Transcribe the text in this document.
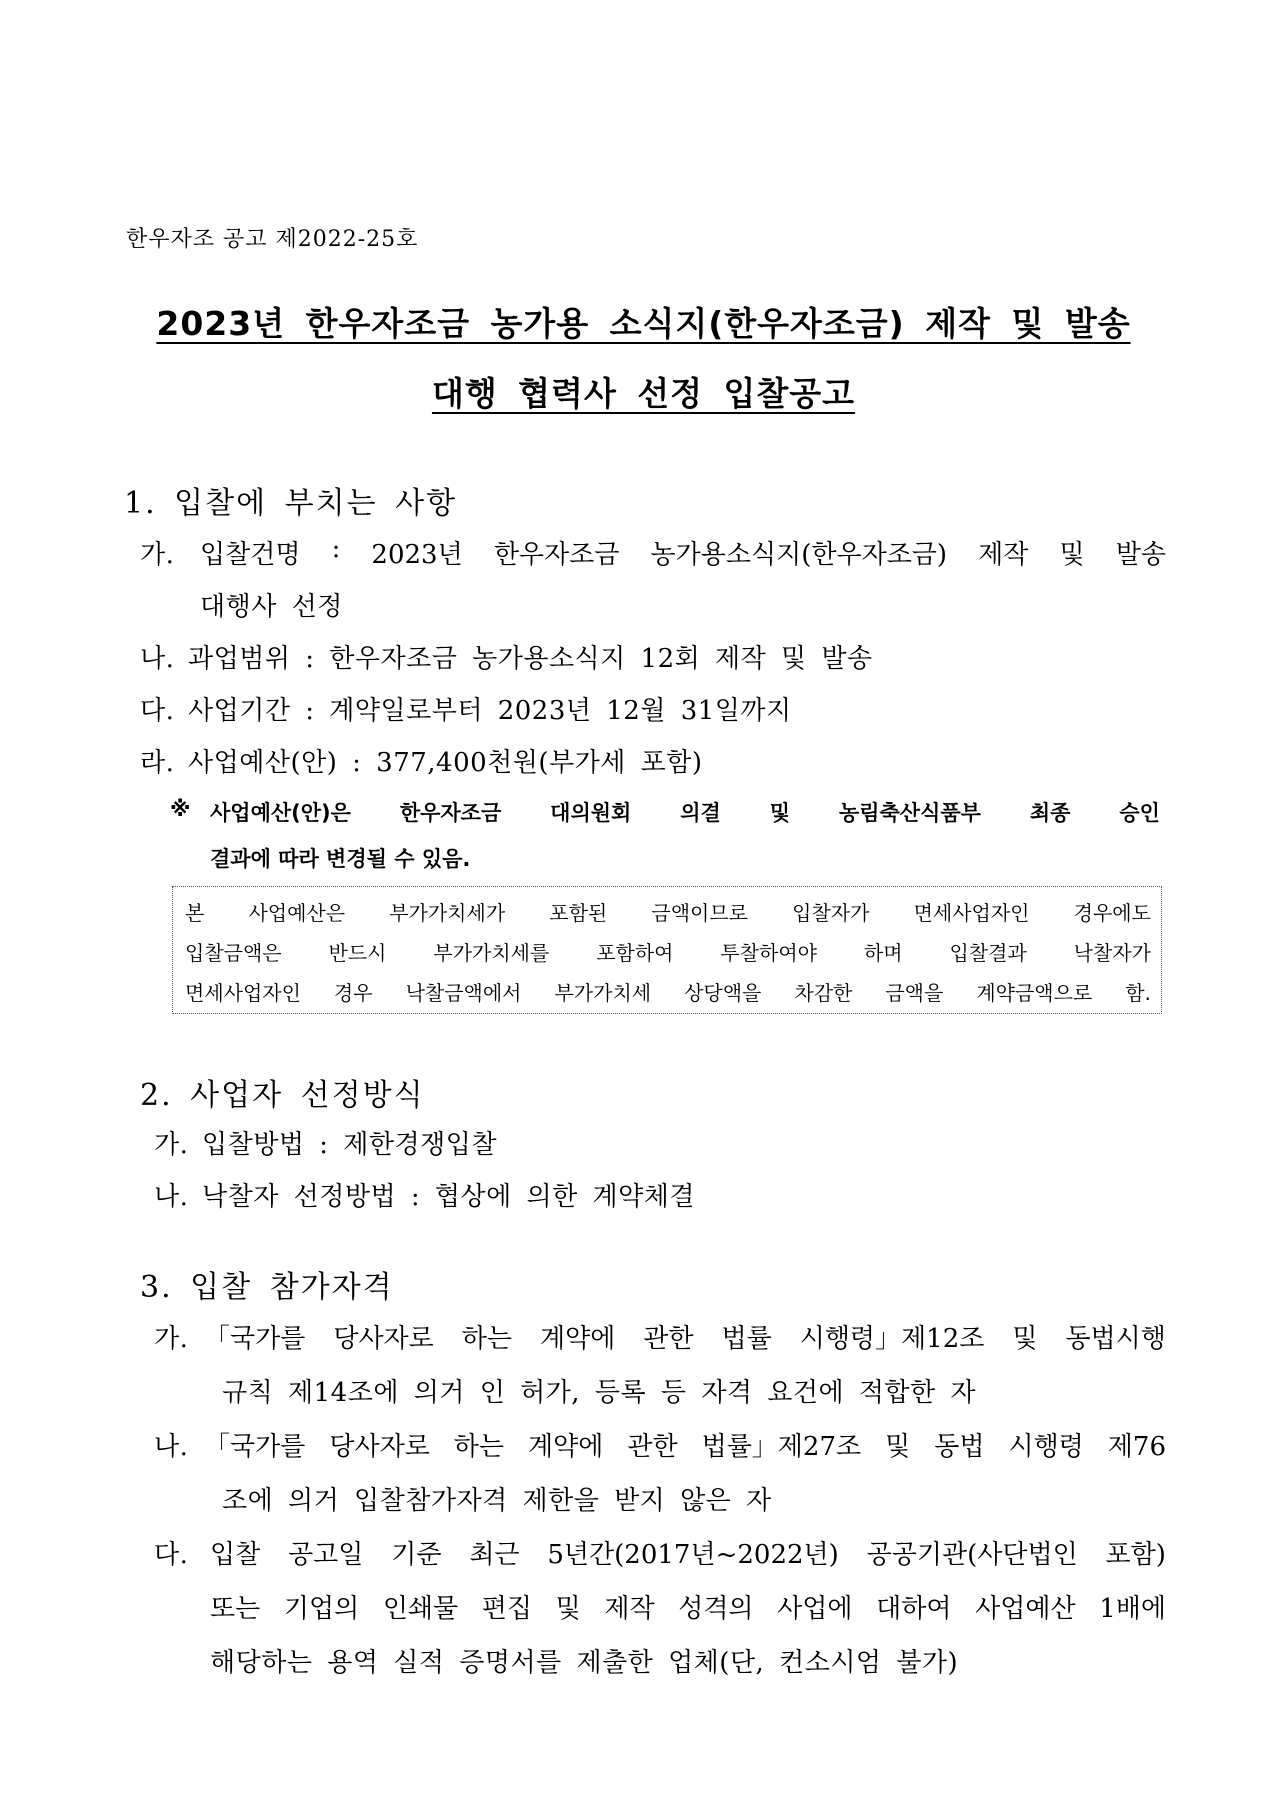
한우자조 공고 제2022-25호
2023년 한우자조금 농가용 소식지(한우자조금) 제작 및 발송
대행 협력사 선정 입찰공고
1. 입찰에 부치는 사항
가. 입찰건명 : 2023년 한우자조금 농가용소식지(한우자조금) 제작 및 발송
대행사 선정
나. 과업범위 : 한우자조금 농가용소식지 12회 제작 및 발송
다. 사업기간 : 계약일로부터 2023년 12월 31일까지
라. 사업예산(안) : 377,400천원(부가세 포함)
※ 사업예산(안)은 한우자조금 대의원회 의결 및 농림축산식품부 최종 승인
결과에 따라 변경될 수 있음.
본 사업예산은 부가가치세가 포함된 금액이므로 입찰자가 면세사업자인 경우에도
입찰금액은 반드시 부가가치세를 포함하여 투찰하여야 하며 입찰결과 낙찰자가
면세사업자인 경우 낙찰금액에서 부가가치세 상당액을 차감한 금액을 계약금액으로 함.
2. 사업자 선정방식
가. 입찰방법 : 제한경쟁입찰
나. 낙찰자 선정방법 : 협상에 의한 계약체결
3. 입찰 참가자격
가. 「국가를 당사자로 하는 계약에 관한 법률 시행령」제12조 및 동법시행
규칙 제14조에 의거 인 허가, 등록 등 자격 요건에 적합한 자
나. 「국가를 당사자로 하는 계약에 관한 법률」제27조 및 동법 시행령 제76
조에 의거 입찰참가자격 제한을 받지 않은 자
다. 입찰 공고일 기준 최근 5년간(2017년~2022년) 공공기관(사단법인 포함)
또는 기업의 인쇄물 편집 및 제작 성격의 사업에 대하여 사업예산 1배에
해당하는 용역 실적 증명서를 제출한 업체(단, 컨소시엄 불가)
